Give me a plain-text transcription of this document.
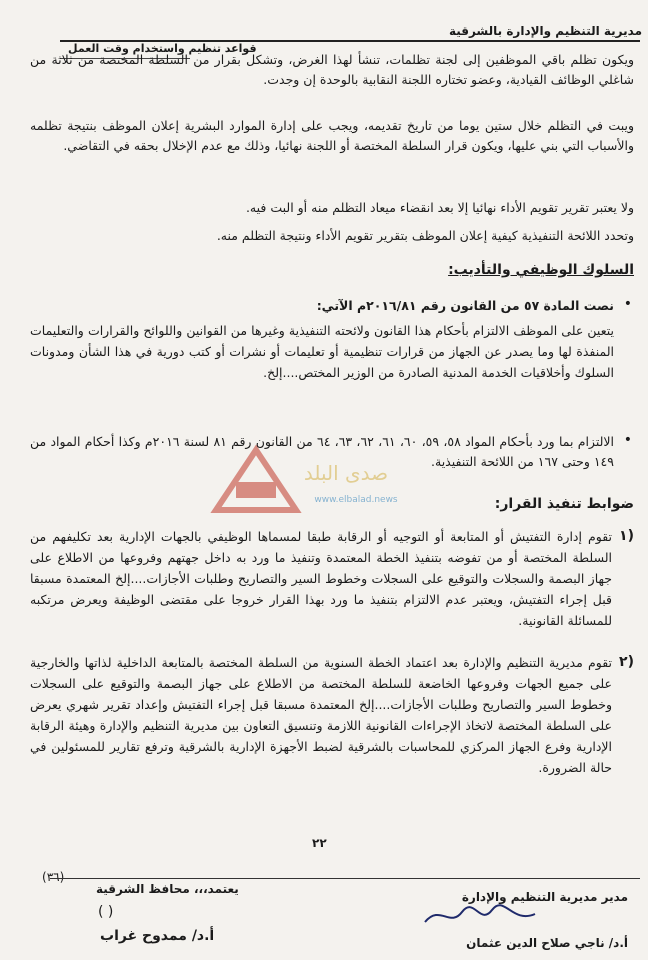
مديرية التنظيم والإدارة بالشرقية
قواعد تنظيم واستخدام وقت العمل

ويكون تظلم باقي الموظفين إلى لجنة تظلمات، تنشأ لهذا الغرض، وتشكل بقرار من السلطة المختصة من ثلاثة من شاغلي الوظائف القيادية، وعضو تختاره اللجنة النقابية بالوحدة إن وجدت.

ويبت في التظلم خلال ستين يوما من تاريخ تقديمه، ويجب على إدارة الموارد البشرية إعلان الموظف بنتيجة تظلمه والأسباب التي بني عليها، ويكون قرار السلطة المختصة أو اللجنة نهائيا، وذلك مع عدم الإخلال بحقه في التقاضي.

ولا يعتبر تقرير تقويم الأداء نهائيا إلا بعد انقضاء ميعاد التظلم منه أو البت فيه.

وتحدد اللائحة التنفيذية كيفية إعلان الموظف بتقرير تقويم الأداء ونتيجة التظلم منه.

السلوك الوظيفي والتأديب:
•

نصت المادة ٥٧ من القانون رقم ٢٠١٦/٨١م الآتي:

يتعين على الموظف الالتزام بأحكام هذا القانون ولائحته التنفيذية وغيرها من القوانين واللوائح والقرارات والتعليمات المنفذة لها وما يصدر عن الجهاز من قرارات تنظيمية أو تعليمات أو نشرات أو كتب دورية في هذا الشأن ومدونات السلوك وأخلاقيات الخدمة المدنية الصادرة من الوزير المختص....إلخ.

•

الالتزام بما ورد بأحكام المواد ٥٨، ٥٩، ٦٠، ٦١، ٦٢، ٦٣، ٦٤ من القانون رقم ٨١ لسنة ٢٠١٦م وكذا أحكام المواد من ١٤٩ وحتى ١٦٧ من اللائحة التنفيذية.

صدى البلد
www.elbalad.news	ضوابط تنفيذ القرار:
١)

تقوم إدارة التفتيش أو المتابعة أو التوجيه أو الرقابة طبقا لمسماها الوظيفي بالجهات الإدارية بعد تكليفهم من السلطة المختصة أو من تفوضه بتنفيذ الخطة المعتمدة وتنفيذ ما ورد به داخل جهتهم وفروعها من الاطلاع على جهاز البصمة والسجلات والتوقيع على السجلات وخطوط السير والتصاريح وطلبات الأجازات....إلخ المعتمدة مسبقا قبل إجراء التفتيش، ويعتبر عدم الالتزام بتنفيذ ما ورد بهذا القرار خروجا على مقتضى الوظيفة ويعرض مرتكبه للمسائلة القانونية.

٢)

تقوم مديرية التنظيم والإدارة بعد اعتماد الخطة السنوية من السلطة المختصة بالمتابعة الداخلية لذاتها والخارجية على جميع الجهات وفروعها الخاضعة للسلطة المختصة من الاطلاع على جهاز البصمة والتوقيع على السجلات وخطوط السير والتصاريح وطلبات الأجازات....إلخ المعتمدة مسبقا قبل إجراء التفتيش وإعداد تقرير شهري يعرض على السلطة المختصة لاتخاذ الإجراءات القانونية اللازمة وتنسيق التعاون بين مديرية التنظيم والإدارة وهيئة الرقابة الإدارية وفرع الجهاز المركزي للمحاسبات بالشرقية لضبط الأجهزة الإدارية بالشرقية وترفع تقارير للمسئولين في حالة الضرورة.

٢٢
(٣٦)
مدير مديرية التنظيم والإدارة
أ.د/ ناجي صلاح الدين عثمان
يعتمد،،، محافظ الشرقية
( )
أ.د/ ممدوح غراب
